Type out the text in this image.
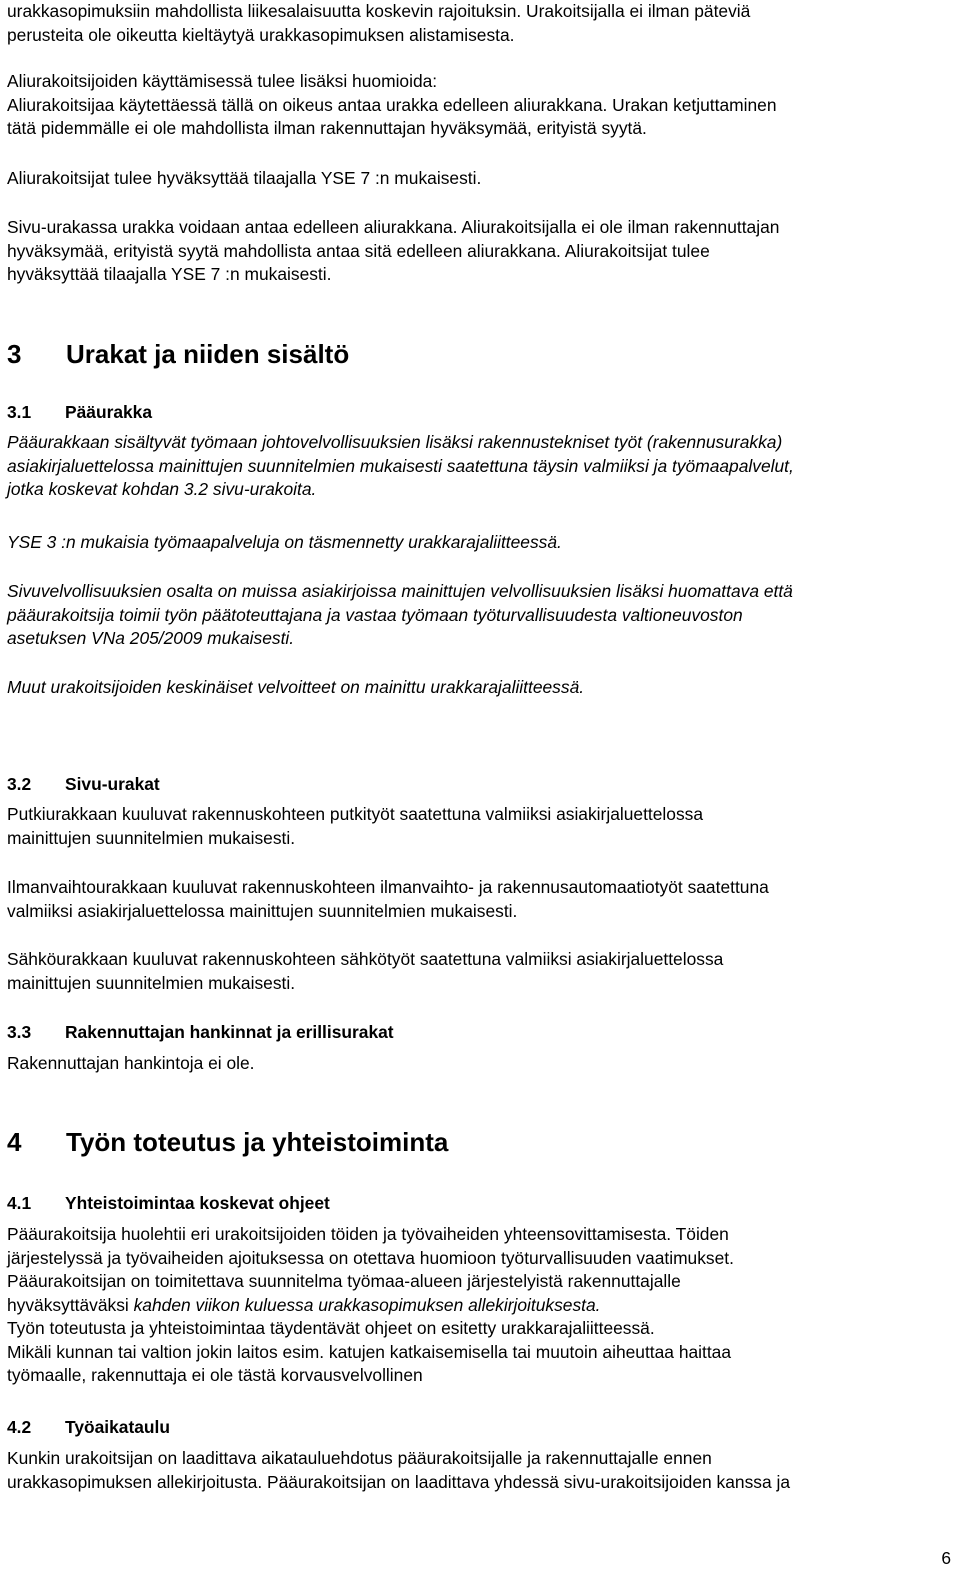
urakkasopimuksiin mahdollista liikesalaisuutta koskevin rajoituksin. Urakoitsijalla ei ilman päteviä

perusteita ole oikeutta kieltäytyä urakkasopimuksen alistamisesta.

Aliurakoitsijoiden käyttämisessä tulee lisäksi huomioida:

Aliurakoitsijaa käytettäessä tällä on oikeus antaa urakka edelleen aliurakkana. Urakan ketjuttaminen

tätä pidemmälle ei ole mahdollista ilman rakennuttajan hyväksymää, erityistä syytä.

Aliurakoitsijat tulee hyväksyttää tilaajalla YSE 7 :n mukaisesti.

Sivu-urakassa urakka voidaan antaa edelleen aliurakkana. Aliurakoitsijalla ei ole ilman rakennuttajan

hyväksymää, erityistä syytä mahdollista antaa sitä edelleen aliurakkana. Aliurakoitsijat tulee

hyväksyttää tilaajalla YSE 7 :n mukaisesti.

3 Urakat ja niiden sisältö
3.1 Pääurakka

Pääurakkaan sisältyvät työmaan johtovelvollisuuksien lisäksi rakennustekniset työt (rakennusurakka)

asiakirjaluettelossa mainittujen suunnitelmien mukaisesti saatettuna täysin valmiiksi ja työmaapalvelut,

jotka koskevat kohdan 3.2 sivu-urakoita.

YSE 3 :n mukaisia työmaapalveluja on täsmennetty urakkarajaliitteessä.

Sivuvelvollisuuksien osalta on muissa asiakirjoissa mainittujen velvollisuuksien lisäksi huomattava että

pääurakoitsija toimii työn päätoteuttajana ja vastaa työmaan työturvallisuudesta valtioneuvoston

asetuksen VNa 205/2009 mukaisesti.

Muut urakoitsijoiden keskinäiset velvoitteet on mainittu urakkarajaliitteessä.

3.2 Sivu-urakat

Putkiurakkaan kuuluvat rakennuskohteen putkityöt saatettuna valmiiksi asiakirjaluettelossa

mainittujen suunnitelmien mukaisesti.

Ilmanvaihtourakkaan kuuluvat rakennuskohteen ilmanvaihto- ja rakennusautomaatiotyöt saatettuna

valmiiksi asiakirjaluettelossa mainittujen suunnitelmien mukaisesti.

Sähköurakkaan kuuluvat rakennuskohteen sähkötyöt saatettuna valmiiksi asiakirjaluettelossa

mainittujen suunnitelmien mukaisesti.

3.3 Rakennuttajan hankinnat ja erillisurakat

Rakennuttajan hankintoja ei ole.

4 Työn toteutus ja yhteistoiminta
4.1 Yhteistoimintaa koskevat ohjeet

Pääurakoitsija huolehtii eri urakoitsijoiden töiden ja työvaiheiden yhteensovittamisesta. Töiden

järjestelyssä ja työvaiheiden ajoituksessa on otettava huomioon työturvallisuuden vaatimukset.

Pääurakoitsijan on toimitettava suunnitelma työmaa-alueen järjestelyistä rakennuttajalle

hyväksyttäväksi kahden viikon kuluessa urakkasopimuksen allekirjoituksesta.

Työn toteutusta ja yhteistoimintaa täydentävät ohjeet on esitetty urakkarajaliitteessä.

Mikäli kunnan tai valtion jokin laitos esim. katujen katkaisemisella tai muutoin aiheuttaa haittaa

työmaalle, rakennuttaja ei ole tästä korvausvelvollinen

4.2 Työaikataulu

Kunkin urakoitsijan on laadittava aikatauluehdotus pääurakoitsijalle ja rakennuttajalle ennen

urakkasopimuksen allekirjoitusta. Pääurakoitsijan on laadittava yhdessä sivu-urakoitsijoiden kanssa ja

6
